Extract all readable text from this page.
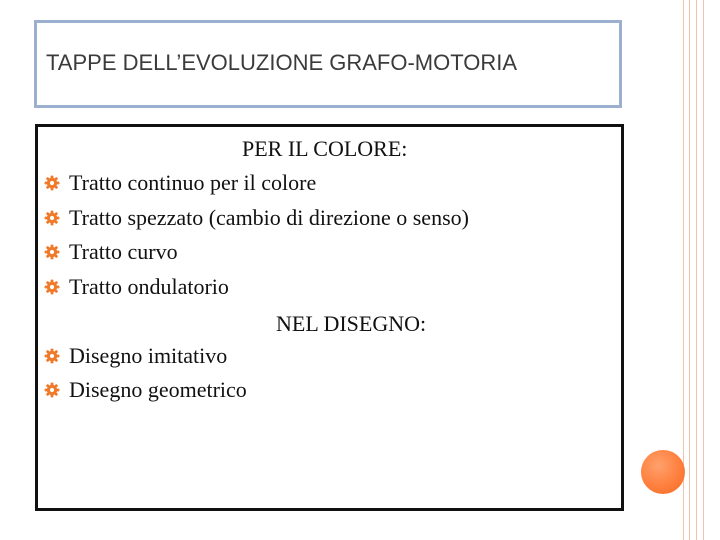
TAPPE DELL’EVOLUZIONE GRAFO-MOTORIA
PER IL COLORE:
Tratto continuo per il colore
Tratto spezzato (cambio di direzione o senso)
Tratto curvo
Tratto ondulatorio
NEL DISEGNO:
Disegno imitativo
Disegno geometrico
